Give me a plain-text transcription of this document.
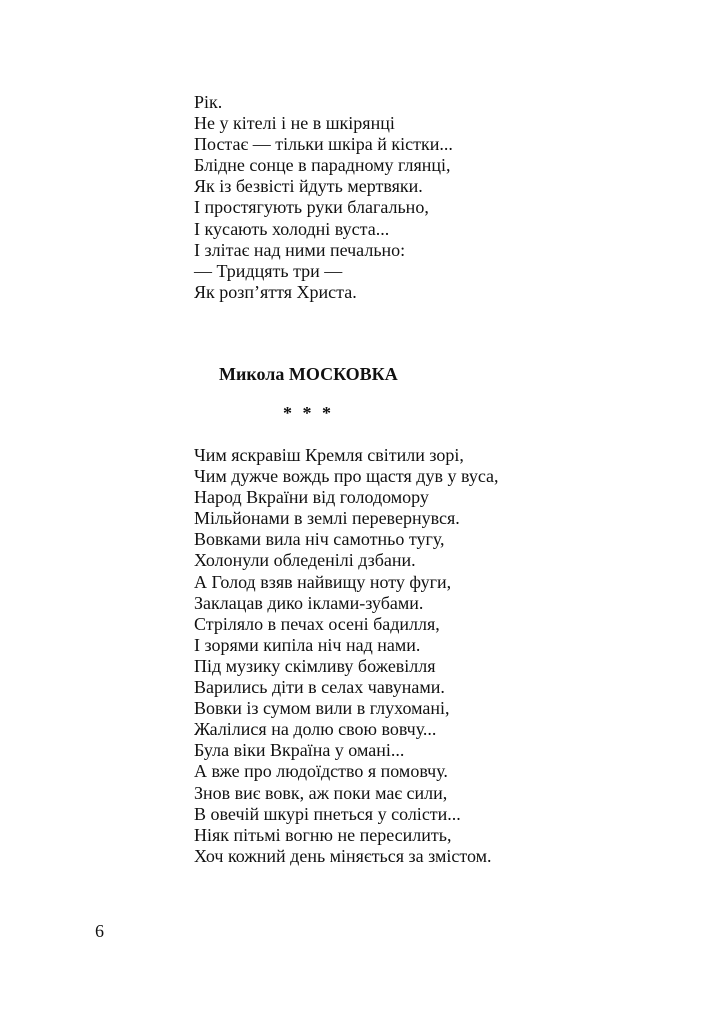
Рік.
Не у кітелі і не в шкірянці
Постає — тільки шкіра й кістки...
Блідне сонце в парадному глянці,
Як із безвісті йдуть мертвяки.
І простягують руки благально,
І кусають холодні вуста...
І злітає над ними печально:
— Тридцять три —
Як розп’яття Христа.
Микола МОСКОВКА
* * *
Чим яскравіш Кремля світили зорі,
Чим дужче вождь про щастя дув у вуса,
Народ Вкраїни від голодомору
Мільйонами в землі перевернувся.
Вовками вила ніч самотньо тугу,
Холонули обледенілі дзбани.
А Голод взяв найвищу ноту фуги,
Заклацав дико іклами-зубами.
Стріляло в печах осені бадилля,
І зорями кипіла ніч над нами.
Під музику скімливу божевілля
Варились діти в селах чавунами.
Вовки із сумом вили в глухомані,
Жалілися на долю свою вовчу...
Була віки Вкраїна у омані...
А вже про людоїдство я помовчу.
Знов виє вовк, аж поки має сили,
В овечій шкурі пнеться у солісти...
Ніяк пітьмі вогню не пересилить,
Хоч кожний день міняється за змістом.
6
